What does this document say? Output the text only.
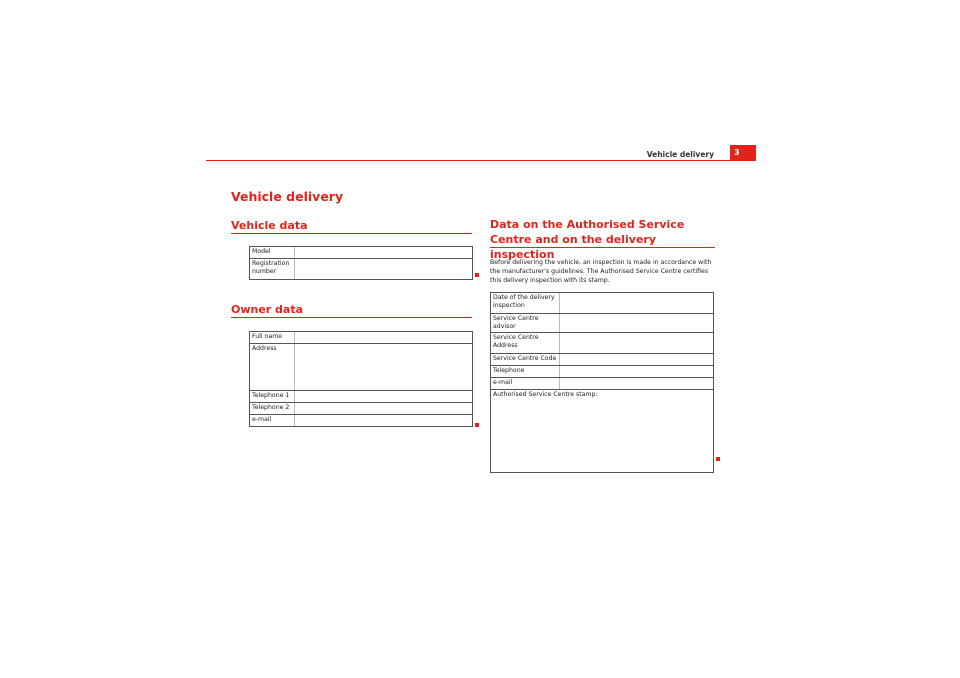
Vehicle delivery	3
Vehicle delivery
Vehicle data
Model	
Registration number	
Owner data
Full name	
Address	
Telephone 1	
Telephone 2	
e-mail	
Data on the Authorised Service Centre and on the delivery inspection
Before delivering the vehicle, an inspection is made in accordance with the manufacturer's guidelines. The Authorised Service Centre certifies this delivery inspection with its stamp.
Date of the delivery inspection	
Service Centre advisor	
Service Centre Address	
Service Centre Code	
Telephone	
e-mail	
Authorised Service Centre stamp:	
